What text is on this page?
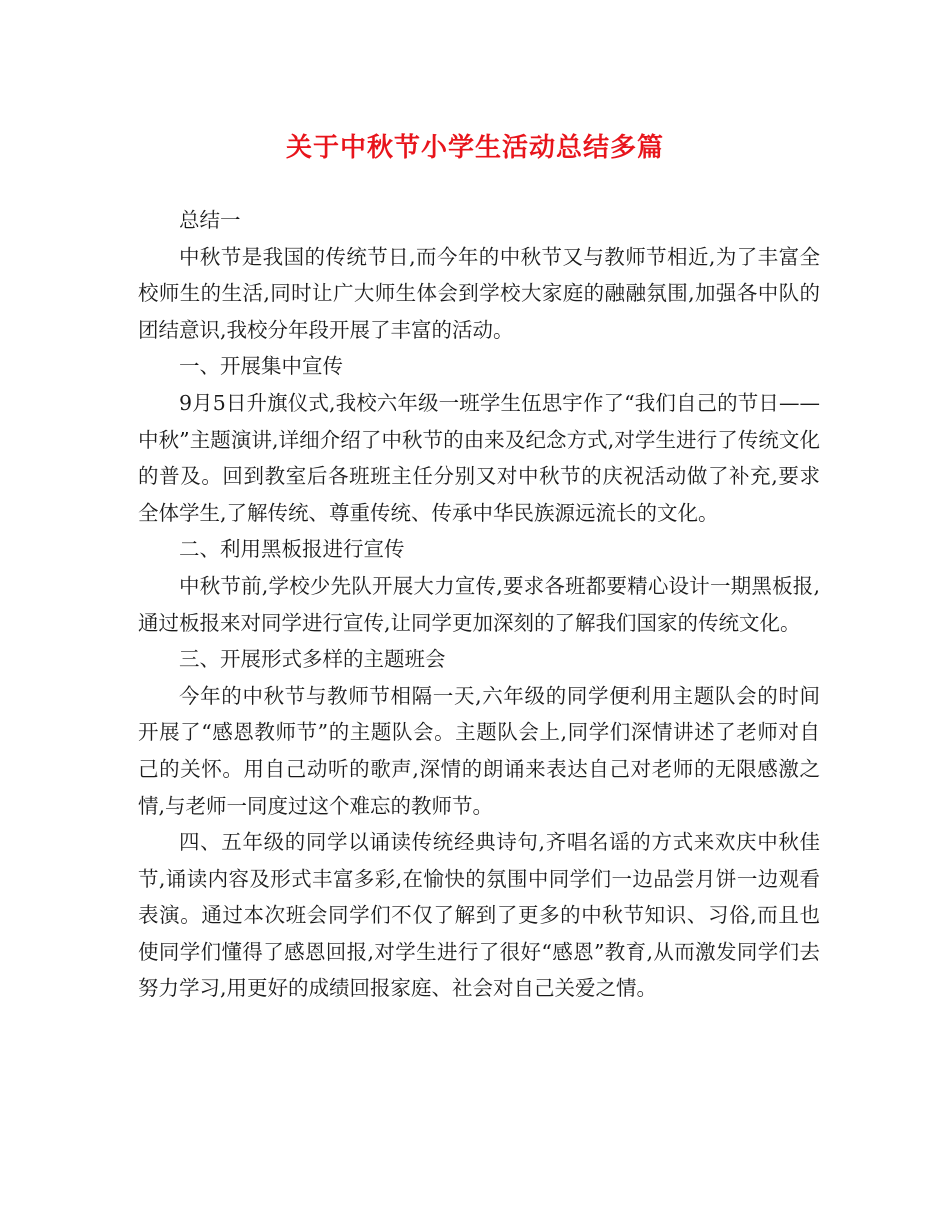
关于中秋节小学生活动总结多篇

总结一

中秋节是我国的传统节日,而今年的中秋节又与教师节相近,为了丰富全校师生的生活,同时让广大师生体会到学校大家庭的融融氛围,加强各中队的团结意识,我校分年段开展了丰富的活动。

一、开展集中宣传

9月5日升旗仪式,我校六年级一班学生伍思宇作了“我们自己的节日——中秋”主题演讲,详细介绍了中秋节的由来及纪念方式,对学生进行了传统文化的普及。回到教室后各班班主任分别又对中秋节的庆祝活动做了补充,要求全体学生,了解传统、尊重传统、传承中华民族源远流长的文化。

二、利用黑板报进行宣传

中秋节前,学校少先队开展大力宣传,要求各班都要精心设计一期黑板报,通过板报来对同学进行宣传,让同学更加深刻的了解我们国家的传统文化。

三、开展形式多样的主题班会

今年的中秋节与教师节相隔一天,六年级的同学便利用主题队会的时间开展了“感恩教师节”的主题队会。主题队会上,同学们深情讲述了老师对自己的关怀。用自己动听的歌声,深情的朗诵来表达自己对老师的无限感激之情,与老师一同度过这个难忘的教师节。

四、五年级的同学以诵读传统经典诗句,齐唱名谣的方式来欢庆中秋佳节,诵读内容及形式丰富多彩,在愉快的氛围中同学们一边品尝月饼一边观看表演。通过本次班会同学们不仅了解到了更多的中秋节知识、习俗,而且也使同学们懂得了感恩回报,对学生进行了很好“感恩”教育,从而激发同学们去努力学习,用更好的成绩回报家庭、社会对自己关爱之情。
